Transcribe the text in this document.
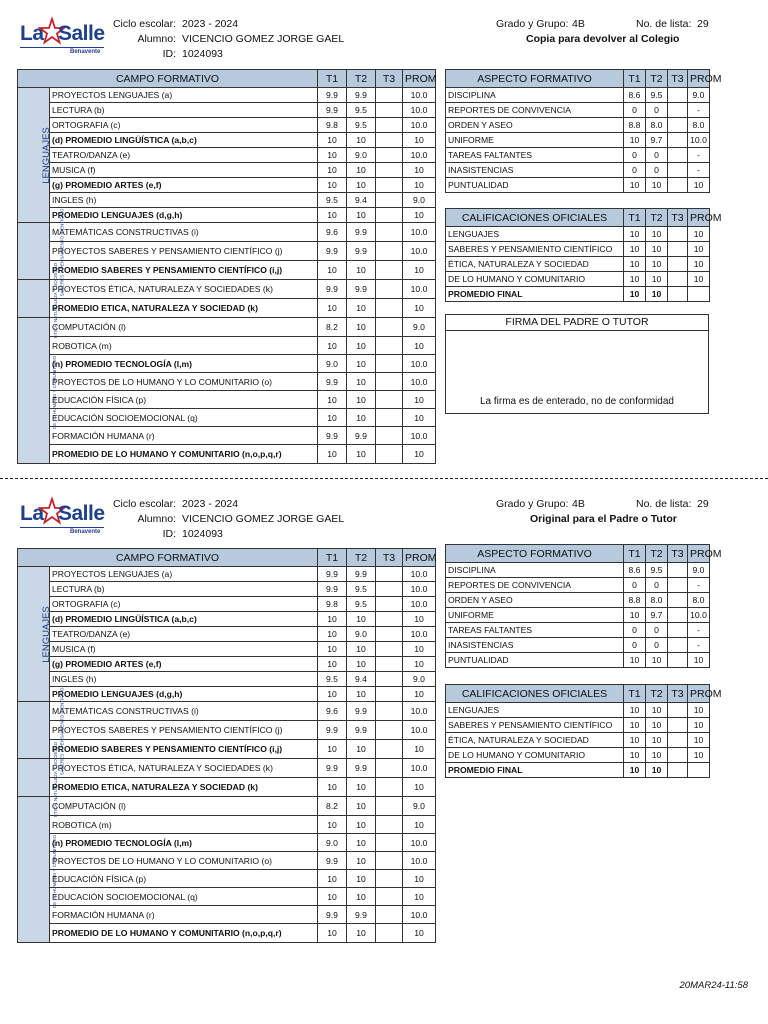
La Salle
Benavente
Ciclo escolar: 2023 - 2024
Alumno: VICENCIO GOMEZ JORGE GAEL
ID: 1024093
Grado y Grupo: 4B	No. de lista: 29
Copia para devolver al Colegio
CAMPO FORMATIVO		T1	T2	T3	PROM
LENGUAJES	PROYECTOS LENGUAJES (a)	9.9	9.9		10.0
	LECTURA (b)	9.9	9.5		10.0
	ORTOGRAFIA (c)	9.8	9.5		10.0
	(d) PROMEDIO LINGÜÍSTICA (a,b,c)	10	10		10
	TEATRO/DANZA (e)	10	9.0		10.0
	MUSICA (f)	10	10		10
	(g) PROMEDIO ARTES (e,f)	10	10		10
	INGLES (h)	9.5	9.4		9.0
	PROMEDIO LENGUAJES (d,g,h)	10	10		10
SABERES Y PENSAMIENTO CIENTÍFICO	MATEMÁTICAS CONSTRUCTIVAS (i)	9.6	9.9		10.0
	PROYECTOS SABERES Y PENSAMIENTO CIENTÍFICO (j)	9.9	9.9		10.0
	PROMEDIO SABERES Y PENSAMIENTO CIENTÍFICO (i,j)	10	10		10
ÉTICA, NATURALEZA Y SOCIEDAD	PROYECTOS ÉTICA, NATURALEZA Y SOCIEDADES (k)	9.9	9.9		10.0
	PROMEDIO ETICA, NATURALEZA Y SOCIEDAD (k)	10	10		10
DE LO HUMANO Y COMUNITARIO	COMPUTACIÓN (l)	8.2	10		9.0
	ROBOTICA (m)	10	10		10
	(n) PROMEDIO TECNOLOGÍA (l,m)	9.0	10		10.0
	PROYECTOS DE LO HUMANO Y LO COMUNITARIO (o)	9.9	10		10.0
	EDUCACIÓN FÍSICA (p)	10	10		10
	EDUCACIÓN SOCIOEMOCIONAL (q)	10	10		10
	FORMACIÓN HUMANA (r)	9.9	9.9		10.0
	PROMEDIO DE LO HUMANO Y COMUNITARIO (n,o,p,q,r)	10	10		10
ASPECTO FORMATIVO	T1	T2	T3	PROM
DISCIPLINA	8.6	9.5		9.0
REPORTES DE CONVIVENCIA	0	0		-
ORDEN Y ASEO	8.8	8.0		8.0
UNIFORME	10	9.7		10.0
TAREAS FALTANTES	0	0		-
INASISTENCIAS	0	0		-
PUNTUALIDAD	10	10		10
CALIFICACIONES OFICIALES	T1	T2	T3	PROM
LENGUAJES	10	10		10
SABERES Y PENSAMIENTO CIENTÍFICO	10	10		10
ÉTICA, NATURALEZA Y SOCIEDAD	10	10		10
DE LO HUMANO Y COMUNITARIO	10	10		10
PROMEDIO FINAL	10	10		
FIRMA DEL PADRE O TUTOR
La firma es de enterado, no de conformidad
La Salle
Benavente
Ciclo escolar: 2023 - 2024
Alumno: VICENCIO GOMEZ JORGE GAEL
ID: 1024093
Grado y Grupo: 4B	No. de lista: 29
Original para el Padre o Tutor
CAMPO FORMATIVO		T1	T2	T3	PROM
LENGUAJES	PROYECTOS LENGUAJES (a)	9.9	9.9		10.0
	LECTURA (b)	9.9	9.5		10.0
	ORTOGRAFIA (c)	9.8	9.5		10.0
	(d) PROMEDIO LINGÜÍSTICA (a,b,c)	10	10		10
	TEATRO/DANZA (e)	10	9.0		10.0
	MUSICA (f)	10	10		10
	(g) PROMEDIO ARTES (e,f)	10	10		10
	INGLES (h)	9.5	9.4		9.0
	PROMEDIO LENGUAJES (d,g,h)	10	10		10
SABERES Y PENSAMIENTO CIENTÍFICO	MATEMÁTICAS CONSTRUCTIVAS (i)	9.6	9.9		10.0
	PROYECTOS SABERES Y PENSAMIENTO CIENTÍFICO (j)	9.9	9.9		10.0
	PROMEDIO SABERES Y PENSAMIENTO CIENTÍFICO (i,j)	10	10		10
ÉTICA, NATURALEZA Y SOCIEDAD	PROYECTOS ÉTICA, NATURALEZA Y SOCIEDADES (k)	9.9	9.9		10.0
	PROMEDIO ETICA, NATURALEZA Y SOCIEDAD (k)	10	10		10
DE LO HUMANO Y COMUNITARIO	COMPUTACIÓN (l)	8.2	10		9.0
	ROBOTICA (m)	10	10		10
	(n) PROMEDIO TECNOLOGÍA (l,m)	9.0	10		10.0
	PROYECTOS DE LO HUMANO Y LO COMUNITARIO (o)	9.9	10		10.0
	EDUCACIÓN FÍSICA (p)	10	10		10
	EDUCACIÓN SOCIOEMOCIONAL (q)	10	10		10
	FORMACIÓN HUMANA (r)	9.9	9.9		10.0
	PROMEDIO DE LO HUMANO Y COMUNITARIO (n,o,p,q,r)	10	10		10
ASPECTO FORMATIVO	T1	T2	T3	PROM
DISCIPLINA	8.6	9.5		9.0
REPORTES DE CONVIVENCIA	0	0		-
ORDEN Y ASEO	8.8	8.0		8.0
UNIFORME	10	9.7		10.0
TAREAS FALTANTES	0	0		-
INASISTENCIAS	0	0		-
PUNTUALIDAD	10	10		10
CALIFICACIONES OFICIALES	T1	T2	T3	PROM
LENGUAJES	10	10		10
SABERES Y PENSAMIENTO CIENTÍFICO	10	10		10
ÉTICA, NATURALEZA Y SOCIEDAD	10	10		10
DE LO HUMANO Y COMUNITARIO	10	10		10
PROMEDIO FINAL	10	10		
20MAR24-11:58
